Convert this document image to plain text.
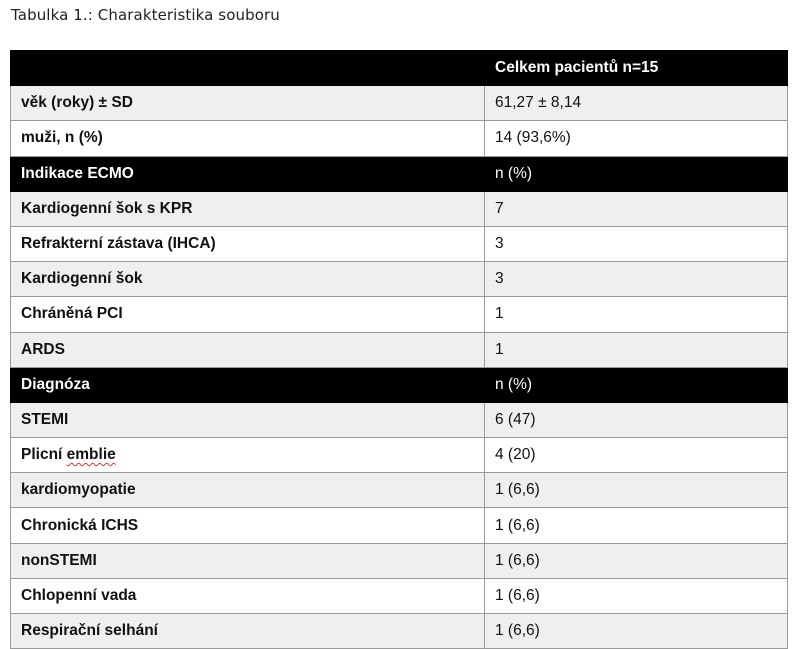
Tabulka 1.: Charakteristika souboru
	Celkem pacientů n=15
věk (roky) ± SD	61,27 ± 8,14
muži, n (%)	14 (93,6%)
Indikace ECMO	n (%)
Kardiogenní šok s KPR	7
Refrakterní zástava (IHCA)	3
Kardiogenní šok	3
Chráněná PCI	1
ARDS	1
Diagnóza	n (%)
STEMI	6 (47)
Plicní emblie	4 (20)
kardiomyopatie	1 (6,6)
Chronická ICHS	1 (6,6)
nonSTEMI	1 (6,6)
Chlopenní vada	1 (6,6)
Respirační selhání	1 (6,6)
